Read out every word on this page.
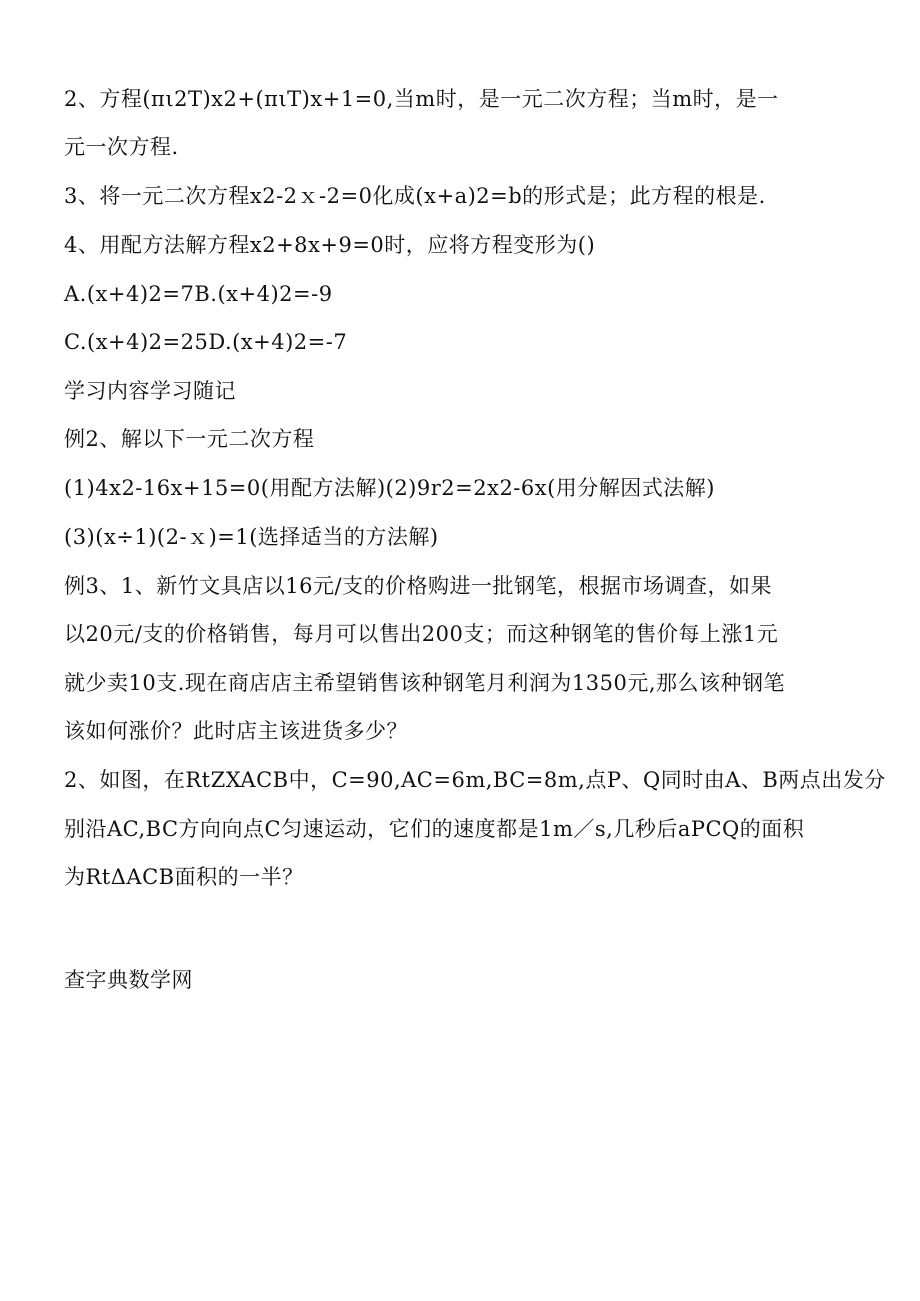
2、方程(πι2T)x2+(πιT)x+1=0,当m时，是一元二次方程；当m时，是一
元一次方程.
3、将一元二次方程x2-2ｘ-2=0化成(x+a)2=b的形式是；此方程的根是.
4、用配方法解方程x2+8x+9=0时，应将方程变形为()
A.(x+4)2=7B.(x+4)2=-9
C.(x+4)2=25D.(x+4)2=-7
学习内容学习随记
例2、解以下一元二次方程
(1)4x2-16x+15=0(用配方法解)(2)9r2=2x2-6x(用分解因式法解)
(3)(x÷1)(2-ｘ)=1(选择适当的方法解)
例3、1、新竹文具店以16元/支的价格购进一批钢笔，根据市场调查，如果
以20元/支的价格销售，每月可以售出200支；而这种钢笔的售价每上涨1元
就少卖10支.现在商店店主希望销售该种钢笔月利润为1350元,那么该种钢笔
该如何涨价？此时店主该进货多少？
2、如图，在RtZXACB中，C=90,AC=6m,BC=8m,点P、Q同时由A、B两点出发分
别沿AC,BC方向向点C匀速运动，它们的速度都是1m／s,几秒后aPCQ的面积
为RtΔACB面积的一半？
查字典数学网
